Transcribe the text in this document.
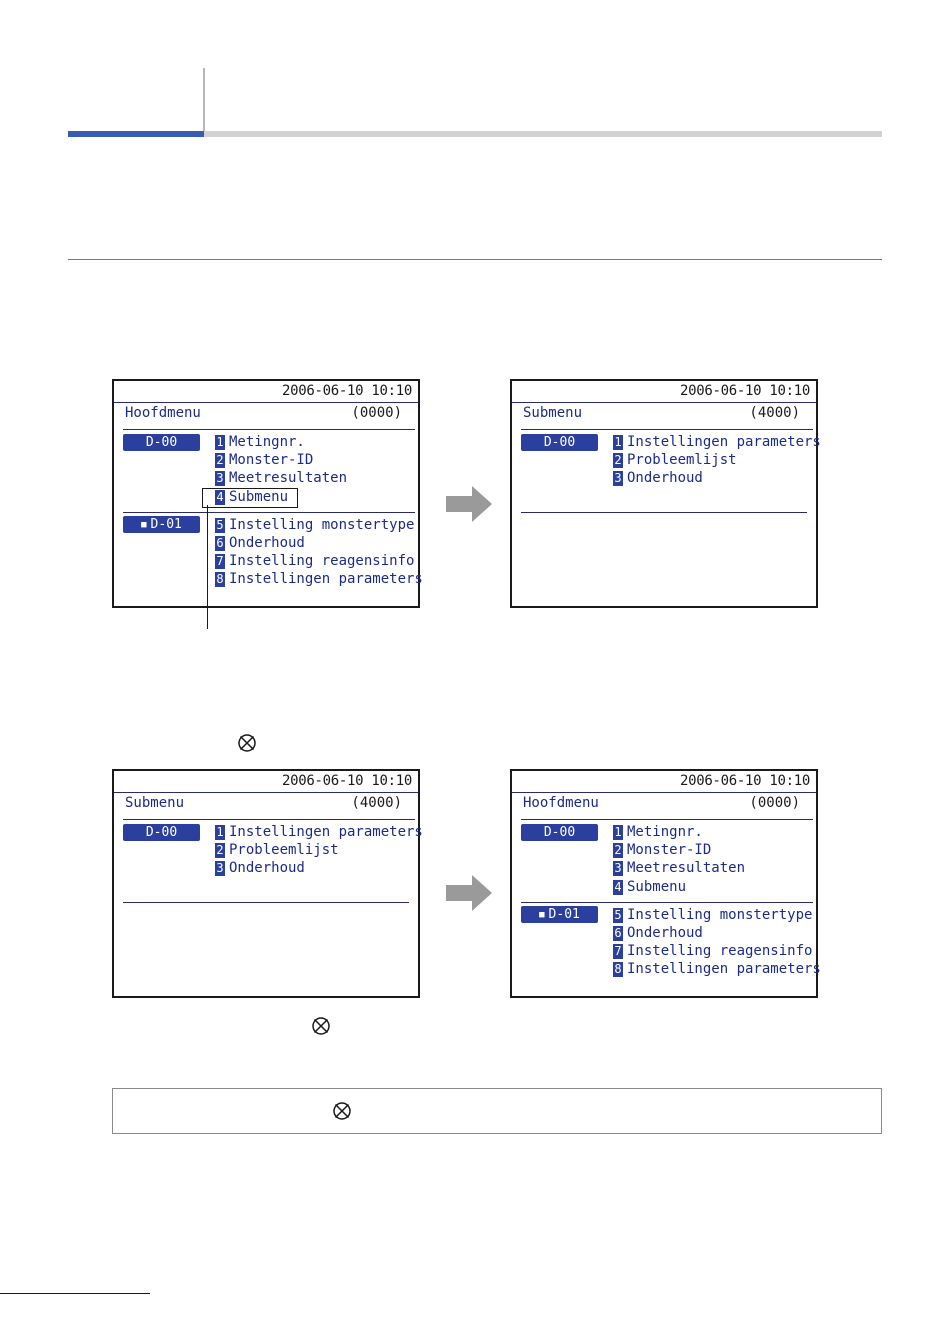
2006-06-10 10:10
Hoofdmenu	(0000)
D-00	1 Metingnr.
2 Monster-ID
3 Meetresultaten
4 Submenu
■ D-01	5 Instelling monstertype
6 Onderhoud
7 Instelling reagensinfo
8 Instellingen parameters
2006-06-10 10:10
Submenu	(4000)
D-00	1 Instellingen parameters
2 Probleemlijst
3 Onderhoud
2006-06-10 10:10
Submenu	(4000)
D-00	1 Instellingen parameters
2 Probleemlijst
3 Onderhoud
2006-06-10 10:10
Hoofdmenu	(0000)
D-00	1 Metingnr.
2 Monster-ID
3 Meetresultaten
4 Submenu
■ D-01	5 Instelling monstertype
6 Onderhoud
7 Instelling reagensinfo
8 Instellingen parameters
